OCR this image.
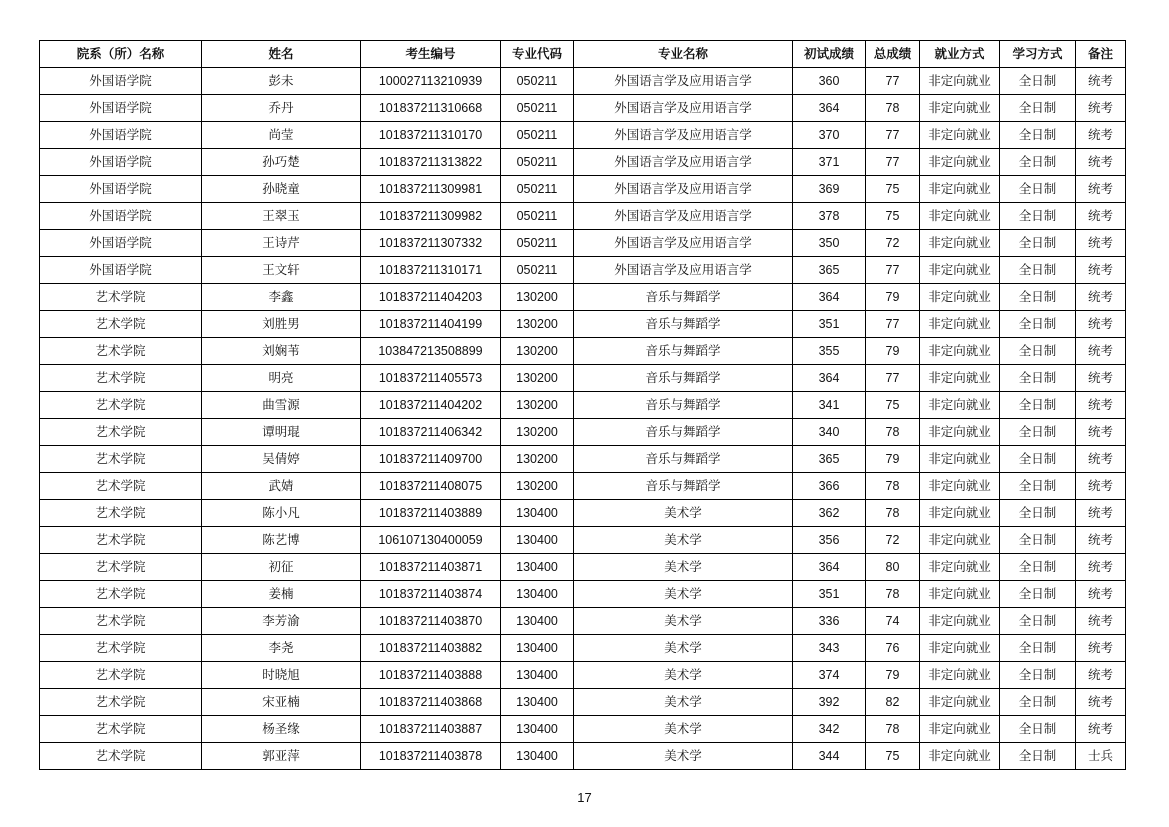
院系（所）名称	姓名	考生编号	专业代码	专业名称	初试成绩	总成绩	就业方式	学习方式	备注
外国语学院	彭未	100027113210939	050211	外国语言学及应用语言学	360	77	非定向就业	全日制	统考
外国语学院	乔丹	101837211310668	050211	外国语言学及应用语言学	364	78	非定向就业	全日制	统考
外国语学院	尚莹	101837211310170	050211	外国语言学及应用语言学	370	77	非定向就业	全日制	统考
外国语学院	孙巧楚	101837211313822	050211	外国语言学及应用语言学	371	77	非定向就业	全日制	统考
外国语学院	孙晓童	101837211309981	050211	外国语言学及应用语言学	369	75	非定向就业	全日制	统考
外国语学院	王翠玉	101837211309982	050211	外国语言学及应用语言学	378	75	非定向就业	全日制	统考
外国语学院	王诗芹	101837211307332	050211	外国语言学及应用语言学	350	72	非定向就业	全日制	统考
外国语学院	王文轩	101837211310171	050211	外国语言学及应用语言学	365	77	非定向就业	全日制	统考
艺术学院	李鑫	101837211404203	130200	音乐与舞蹈学	364	79	非定向就业	全日制	统考
艺术学院	刘胜男	101837211404199	130200	音乐与舞蹈学	351	77	非定向就业	全日制	统考
艺术学院	刘娴苇	103847213508899	130200	音乐与舞蹈学	355	79	非定向就业	全日制	统考
艺术学院	明亮	101837211405573	130200	音乐与舞蹈学	364	77	非定向就业	全日制	统考
艺术学院	曲雪源	101837211404202	130200	音乐与舞蹈学	341	75	非定向就业	全日制	统考
艺术学院	谭明琨	101837211406342	130200	音乐与舞蹈学	340	78	非定向就业	全日制	统考
艺术学院	吴倩婷	101837211409700	130200	音乐与舞蹈学	365	79	非定向就业	全日制	统考
艺术学院	武婧	101837211408075	130200	音乐与舞蹈学	366	78	非定向就业	全日制	统考
艺术学院	陈小凡	101837211403889	130400	美术学	362	78	非定向就业	全日制	统考
艺术学院	陈艺博	106107130400059	130400	美术学	356	72	非定向就业	全日制	统考
艺术学院	初征	101837211403871	130400	美术学	364	80	非定向就业	全日制	统考
艺术学院	姜楠	101837211403874	130400	美术学	351	78	非定向就业	全日制	统考
艺术学院	李芳渝	101837211403870	130400	美术学	336	74	非定向就业	全日制	统考
艺术学院	李尧	101837211403882	130400	美术学	343	76	非定向就业	全日制	统考
艺术学院	时晓旭	101837211403888	130400	美术学	374	79	非定向就业	全日制	统考
艺术学院	宋亚楠	101837211403868	130400	美术学	392	82	非定向就业	全日制	统考
艺术学院	杨圣缘	101837211403887	130400	美术学	342	78	非定向就业	全日制	统考
艺术学院	郭亚萍	101837211403878	130400	美术学	344	75	非定向就业	全日制	士兵
17
